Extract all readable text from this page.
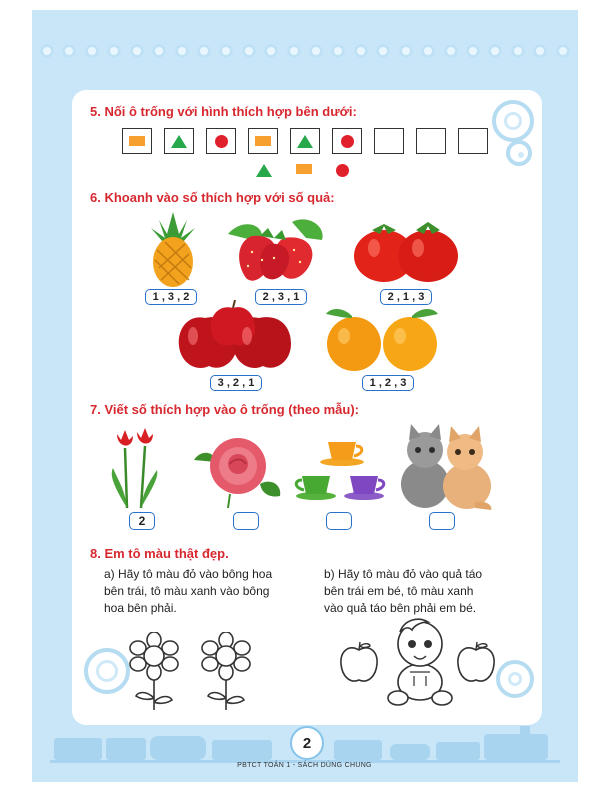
5. Nối ô trống với hình thích hợp bên dưới:
6. Khoanh vào số thích hợp với số quả:
1 , 3 , 2	2 , 3 , 1	2 , 1 , 3
3 , 2 , 1	1 , 2 , 3
7. Viết số thích hợp vào ô trống (theo mẫu):
2
8. Em tô màu thật đẹp.
a) Hãy tô màu đỏ vào bông hoa
bên trái, tô màu xanh vào bông
hoa bên phải.
b) Hãy tô màu đỏ vào quả táo
bên trái em bé, tô màu xanh
vào quả táo bên phải em bé.
2
PBTCT TOÁN 1 - SÁCH DÙNG CHUNG
